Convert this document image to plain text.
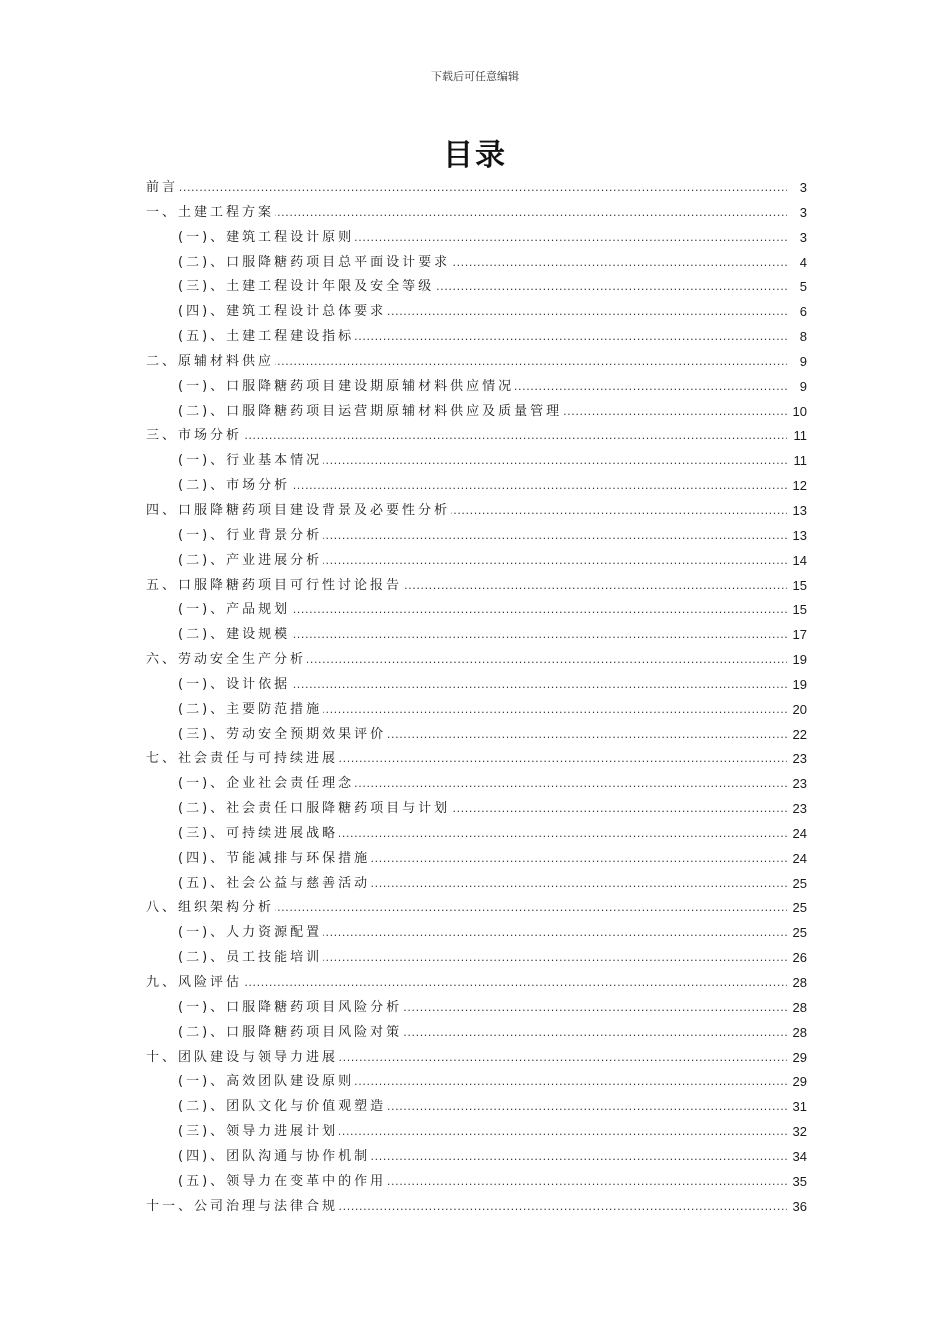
下载后可任意编辑
目录
.....
前言	3
.....
一、土建工程方案	3
.....
(一)、建筑工程设计原则	3
.....
(二)、口服降糖药项目总平面设计要求	4
.....
(三)、土建工程设计年限及安全等级	5
.....
(四)、建筑工程设计总体要求	6
.....
(五)、土建工程建设指标	8
.....
二、原辅材料供应	9
.....
(一)、口服降糖药项目建设期原辅材料供应情况	9
.....
(二)、口服降糖药项目运营期原辅材料供应及质量管理	10
.....
三、市场分析	11
.....
(一)、行业基本情况	11
.....
(二)、市场分析	12
.....
四、口服降糖药项目建设背景及必要性分析	13
.....
(一)、行业背景分析	13
.....
(二)、产业进展分析	14
.....
五、口服降糖药项目可行性讨论报告	15
.....
(一)、产品规划	15
.....
(二)、建设规模	17
.....
六、劳动安全生产分析	19
.....
(一)、设计依据	19
.....
(二)、主要防范措施	20
.....
(三)、劳动安全预期效果评价	22
.....
七、社会责任与可持续进展	23
.....
(一)、企业社会责任理念	23
.....
(二)、社会责任口服降糖药项目与计划	23
.....
(三)、可持续进展战略	24
.....
(四)、节能减排与环保措施	24
.....
(五)、社会公益与慈善活动	25
.....
八、组织架构分析	25
.....
(一)、人力资源配置	25
.....
(二)、员工技能培训	26
.....
九、风险评估	28
.....
(一)、口服降糖药项目风险分析	28
.....
(二)、口服降糖药项目风险对策	28
.....
十、团队建设与领导力进展	29
.....
(一)、高效团队建设原则	29
.....
(二)、团队文化与价值观塑造	31
.....
(三)、领导力进展计划	32
.....
(四)、团队沟通与协作机制	34
.....
(五)、领导力在变革中的作用	35
.....
十一、公司治理与法律合规	36
